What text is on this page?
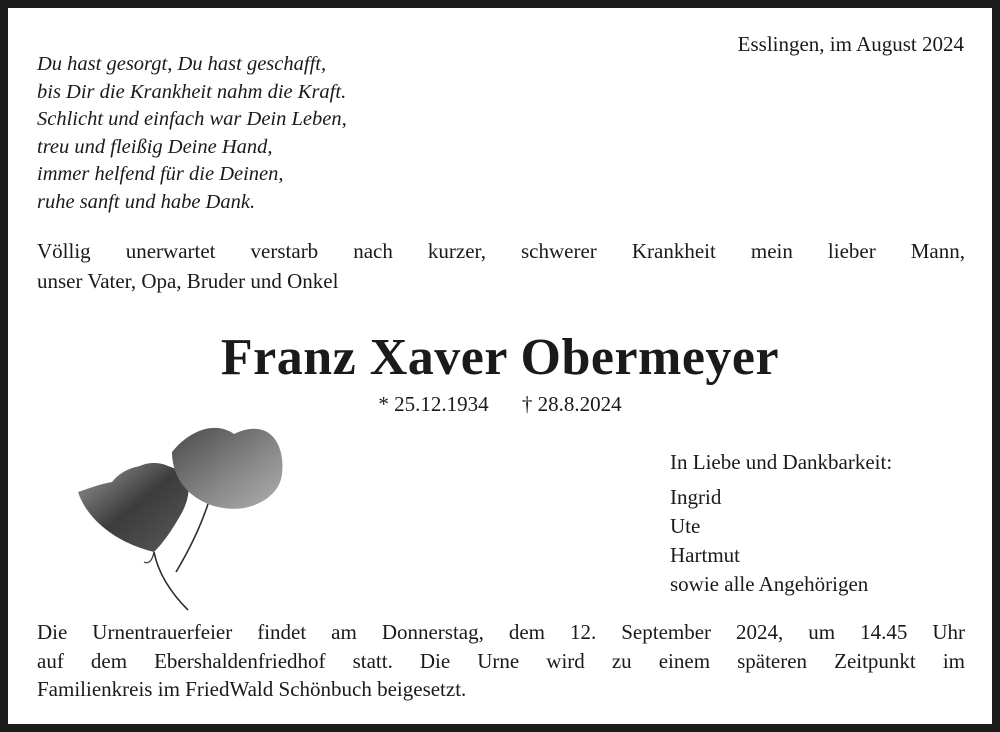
Esslingen, im August 2024
Du hast gesorgt, Du hast geschafft,
bis Dir die Krankheit nahm die Kraft.
Schlicht und einfach war Dein Leben,
treu und fleißig Deine Hand,
immer helfend für die Deinen,
ruhe sanft und habe Dank.
Völlig unerwartet verstarb nach kurzer, schwerer Krankheit mein lieber Mann,
unser Vater, Opa, Bruder und Onkel
Franz Xaver Obermeyer
* 25.12.1934 † 28.8.2024
In Liebe und Dankbarkeit:
Ingrid
Ute
Hartmut
sowie alle Angehörigen
Die Urnentrauerfeier findet am Donnerstag, dem 12. September 2024, um 14.45 Uhr
auf dem Ebershaldenfriedhof statt. Die Urne wird zu einem späteren Zeitpunkt im
Familienkreis im FriedWald Schönbuch beigesetzt.
